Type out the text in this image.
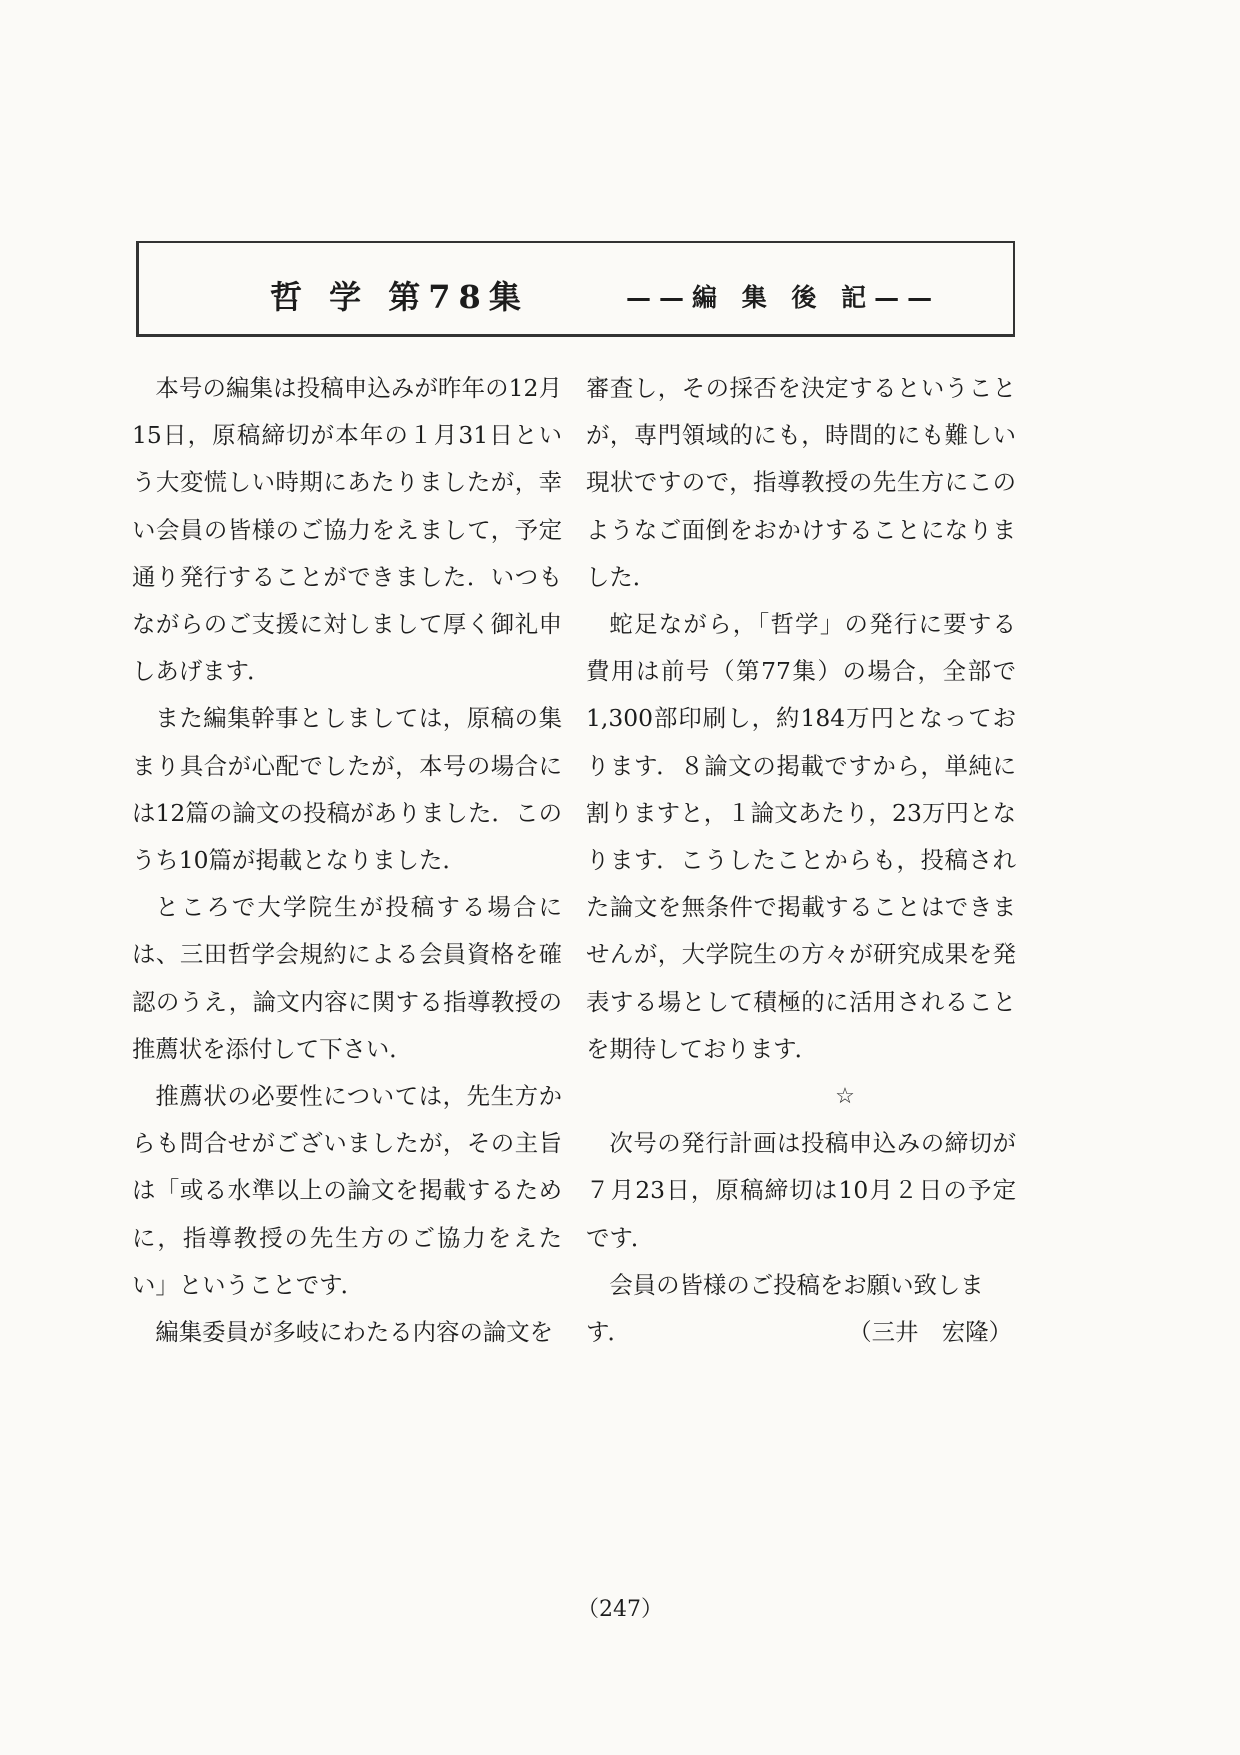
哲 学 第78集	——編 集 後 記——

本号の編集は投稿申込みが昨年の12月15日，原稿締切が本年の１月31日という大変慌しい時期にあたりましたが，幸い会員の皆様のご協力をえまして，予定通り発行することができました．いつもながらのご支援に対しまして厚く御礼申しあげます．

また編集幹事としましては，原稿の集まり具合が心配でしたが，本号の場合には12篇の論文の投稿がありました．このうち10篇が掲載となりました．

ところで大学院生が投稿する場合には、三田哲学会規約による会員資格を確認のうえ，論文内容に関する指導教授の推薦状を添付して下さい．

推薦状の必要性については，先生方からも問合せがございましたが，その主旨は「或る水準以上の論文を掲載するために，指導教授の先生方のご協力をえたい」ということです．

編集委員が多岐にわたる内容の論文を

審査し，その採否を決定するということが，専門領域的にも，時間的にも難しい現状ですので，指導教授の先生方にこのようなご面倒をおかけすることになりました．

蛇足ながら，「哲学」の発行に要する費用は前号（第77集）の場合，全部で1,300部印刷し，約184万円となっております．８論文の掲載ですから，単純に割りますと，１論文あたり，23万円となります．こうしたことからも，投稿された論文を無条件で掲載することはできませんが，大学院生の方々が研究成果を発表する場として積極的に活用されることを期待しております．

☆

次号の発行計画は投稿申込みの締切が７月23日，原稿締切は10月２日の予定です．

会員の皆様のご投稿をお願い致しま

す．	（三井　宏隆）

（247）
